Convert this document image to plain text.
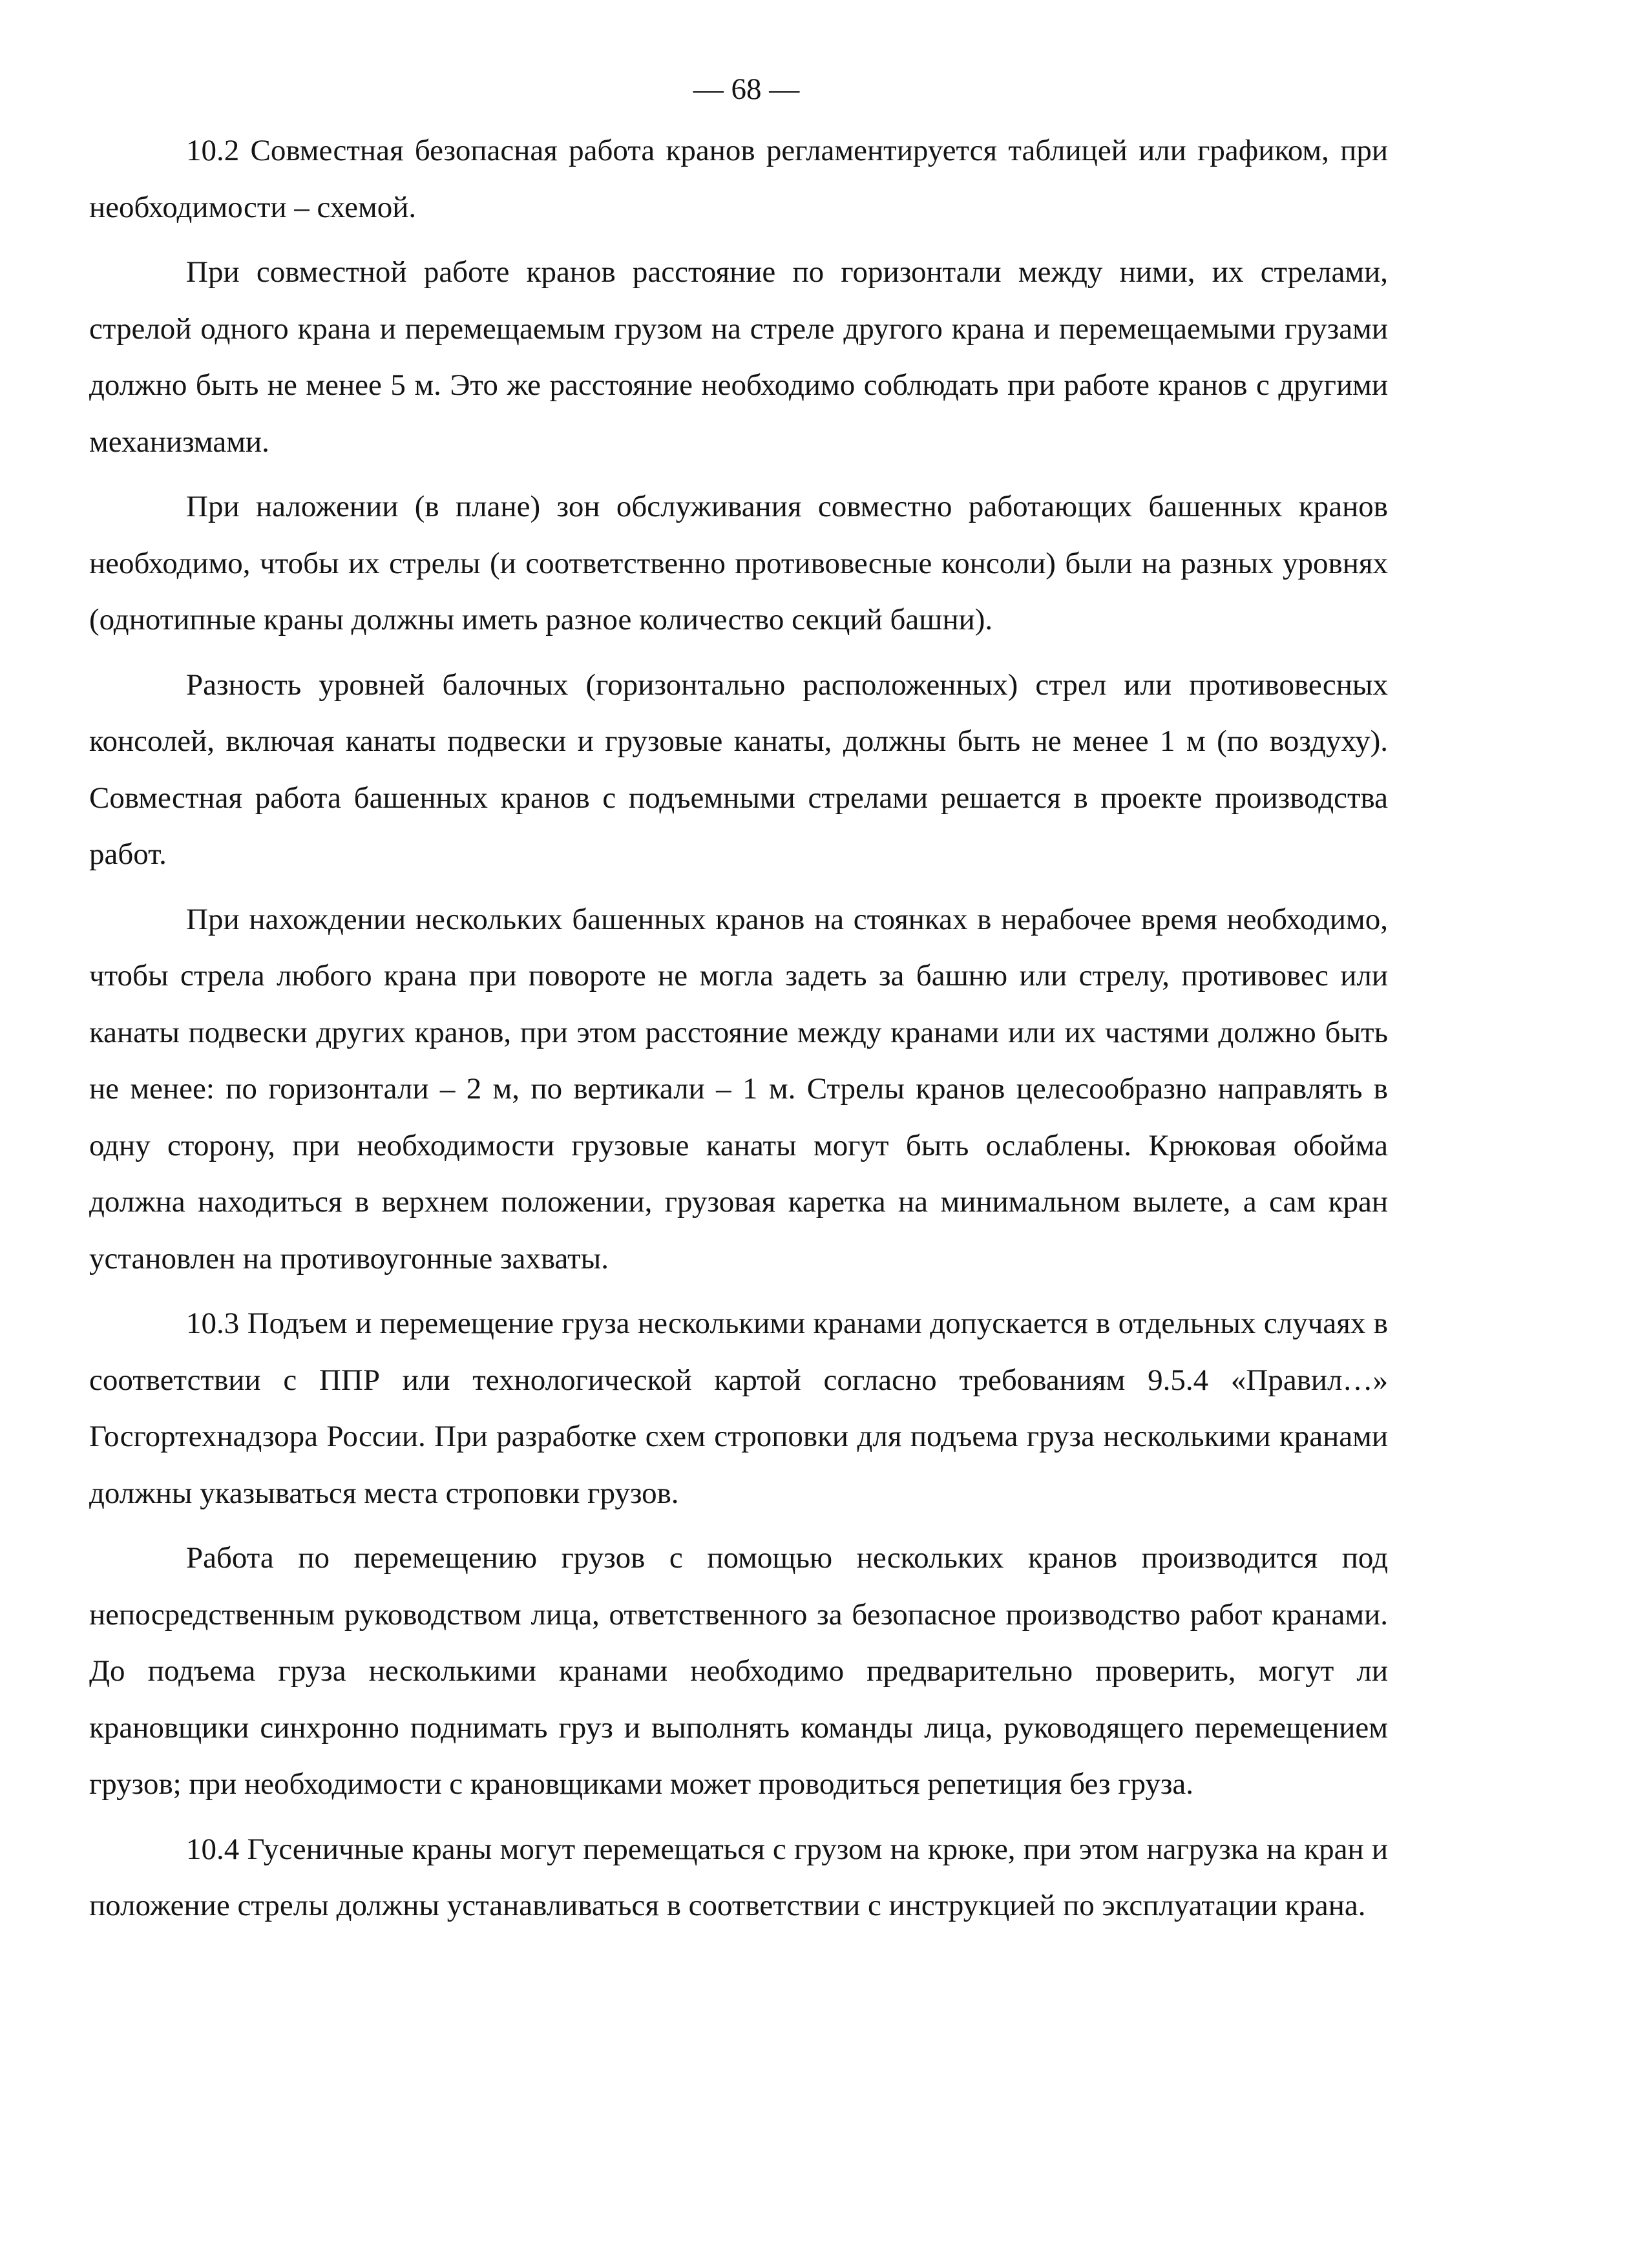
— 68 —

10.2 Совместная безопасная работа кранов регламентируется таблицей или графиком, при необходимости – схемой.

При совместной работе кранов расстояние по горизонтали между ними, их стрелами, стрелой одного крана и перемещаемым грузом на стреле другого крана и перемещаемыми грузами должно быть не менее 5 м. Это же расстояние необходимо соблюдать при работе кранов с другими механизмами.

При наложении (в плане) зон обслуживания совместно работающих башенных кранов необходимо, чтобы их стрелы (и соответственно противовесные консоли) были на разных уровнях (однотипные краны должны иметь разное количество секций башни).

Разность уровней балочных (горизонтально расположенных) стрел или противовесных консолей, включая канаты подвески и грузовые канаты, должны быть не менее 1 м (по воздуху). Совместная работа башенных кранов с подъемными стрелами решается в проекте производства работ.

При нахождении нескольких башенных кранов на стоянках в нерабочее время необходимо, чтобы стрела любого крана при повороте не могла задеть за башню или стрелу, противовес или канаты подвески других кранов, при этом расстояние между кранами или их частями должно быть не менее: по горизонтали – 2 м, по вертикали – 1 м. Стрелы кранов целесообразно направлять в одну сторону, при необходимости грузовые канаты могут быть ослаблены. Крюковая обойма должна находиться в верхнем положении, грузовая каретка на минимальном вылете, а сам кран установлен на противоугонные захваты.

10.3 Подъем и перемещение груза несколькими кранами допускается в отдельных случаях в соответствии с ППР или технологической картой согласно требованиям 9.5.4 «Правил…» Госгортехнадзора России. При разработке схем строповки для подъема груза несколькими кранами должны указываться места строповки грузов.

Работа по перемещению грузов с помощью нескольких кранов производится под непосредственным руководством лица, ответственного за безопасное производство работ кранами. До подъема груза несколькими кранами необходимо предварительно проверить, могут ли крановщики синхронно поднимать груз и выполнять команды лица, руководящего перемещением грузов; при необходимости с крановщиками может проводиться репетиция без груза.

10.4 Гусеничные краны могут перемещаться с грузом на крюке, при этом нагрузка на кран и положение стрелы должны устанавливаться в соответствии с инструкцией по эксплуатации крана.
